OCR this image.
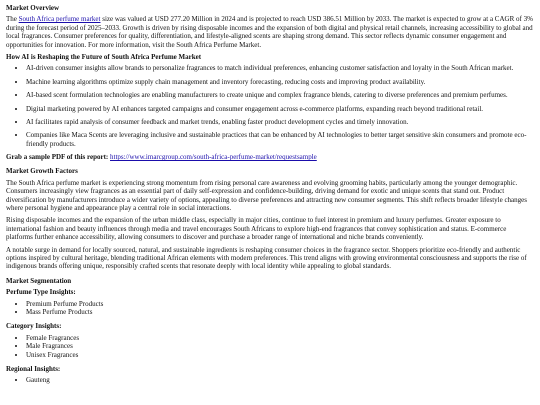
Market Overview

The South Africa perfume market size was valued at USD 277.20 Million in 2024 and is projected to reach USD 386.51 Million by 2033. The market is expected to grow at a CAGR of 3% during the forecast period of 2025–2033. Growth is driven by rising disposable incomes and the expansion of both digital and physical retail channels, increasing accessibility to global and local fragrances. Consumer preferences for quality, differentiation, and lifestyle-aligned scents are shaping strong demand. This sector reflects dynamic consumer engagement and opportunities for innovation. For more information, visit the South Africa Perfume Market.

How AI is Reshaping the Future of South Africa Perfume Market
• AI-driven consumer insights allow brands to personalize fragrances to match individual preferences, enhancing customer satisfaction and loyalty in the South African market.
• Machine learning algorithms optimize supply chain management and inventory forecasting, reducing costs and improving product availability.
• AI-based scent formulation technologies are enabling manufacturers to create unique and complex fragrance blends, catering to diverse preferences and premium perfumes.
• Digital marketing powered by AI enhances targeted campaigns and consumer engagement across e-commerce platforms, expanding reach beyond traditional retail.
• AI facilitates rapid analysis of consumer feedback and market trends, enabling faster product development cycles and timely innovation.
• Companies like Maca Scents are leveraging inclusive and sustainable practices that can be enhanced by AI technologies to better target sensitive skin consumers and promote eco-friendly products.

Grab a sample PDF of this report: https://www.imarcgroup.com/south-africa-perfume-market/requestsample

Market Growth Factors

The South Africa perfume market is experiencing strong momentum from rising personal care awareness and evolving grooming habits, particularly among the younger demographic. Consumers increasingly view fragrances as an essential part of daily self-expression and confidence-building, driving demand for exotic and unique scents that stand out. Product diversification by manufacturers introduce a wider variety of options, appealing to diverse preferences and attracting new consumer segments. This shift reflects broader lifestyle changes where personal hygiene and appearance play a central role in social interactions.

Rising disposable incomes and the expansion of the urban middle class, especially in major cities, continue to fuel interest in premium and luxury perfumes. Greater exposure to international fashion and beauty influences through media and travel encourages South Africans to explore high-end fragrances that convey sophistication and status. E-commerce platforms further enhance accessibility, allowing consumers to discover and purchase a broader range of international and niche brands conveniently.

A notable surge in demand for locally sourced, natural, and sustainable ingredients is reshaping consumer choices in the fragrance sector. Shoppers prioritize eco-friendly and authentic options inspired by cultural heritage, blending traditional African elements with modern preferences. This trend aligns with growing environmental consciousness and supports the rise of indigenous brands offering unique, responsibly crafted scents that resonate deeply with local identity while appealing to global standards.

Market Segmentation
Perfume Type Insights:
• Premium Perfume Products
• Mass Perfume Products
Category Insights:
• Female Fragrances
• Male Fragrances
• Unisex Fragrances
Regional Insights:
• Gauteng
